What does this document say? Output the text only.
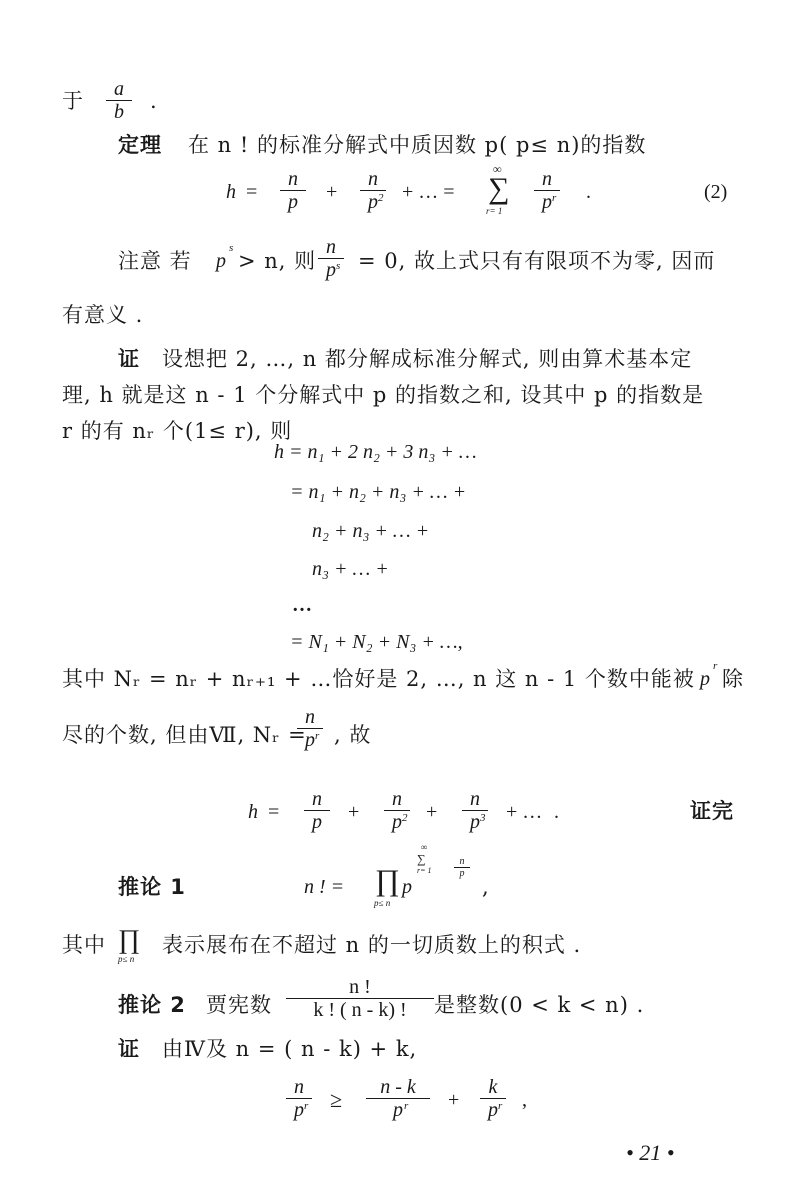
于 $\frac{a}{b}$ .
定理 在 n ! 的标准分解式中质因数 p( p≤ n)的指数
$h = \frac{n}{p} + \frac{n}{p}$
2 + … =
∞
∑
$r= 1 \frac{n}{p}$
r .	(2)
注意 若 p
s
> n, 则 $\frac{n}{p}$
s = 0, 故上式只有有限项不为零, 因而
有意义 .
证 设想把 2, …, n 都分解成标准分解式, 则由算术基本定
理, h 就是这 n - 1 个分解式中 p 的指数之和, 设其中 p 的指数是
r 的有 nᵣ 个(1≤ r), 则
h = n₁ + 2 n₂ + 3 n₃ + …
= n₁ + n₂ + n₃ + … +
n₂ + n₃ + … +
n₃ + … +
…
= N₁ + N₂ + N₃ + …,
其中 Nᵣ = nᵣ + nᵣ₊₁ + …恰好是 2, …, n 这 n - 1 个数中能被 p
r
除
尽的个数, 但由Ⅶ, Nᵣ =
$\frac{n}{p}$
r , 故
$h = \frac{n}{p} + \frac{n}{p}$
$2 + \frac{n}{p}$
3 + … .	证完
推论 1	n ! = ∏
p≤ n
p
∞
∑
$r= 1 \frac{n}{p}$
,
其中 ∏
p≤ n
表示展布在不超过 n 的一切质数上的积式 .
推论 2 贾宪数 $\frac{n !}{k ! ( n - k) !}$ 是整数(0 < k < n) .
证 由Ⅳ及 n = ( n - k) + k,
$\frac{n}{p}$
$r \ge \frac{n - k}{p}$
$r + \frac{k}{p}$
r ,
• 21 •
